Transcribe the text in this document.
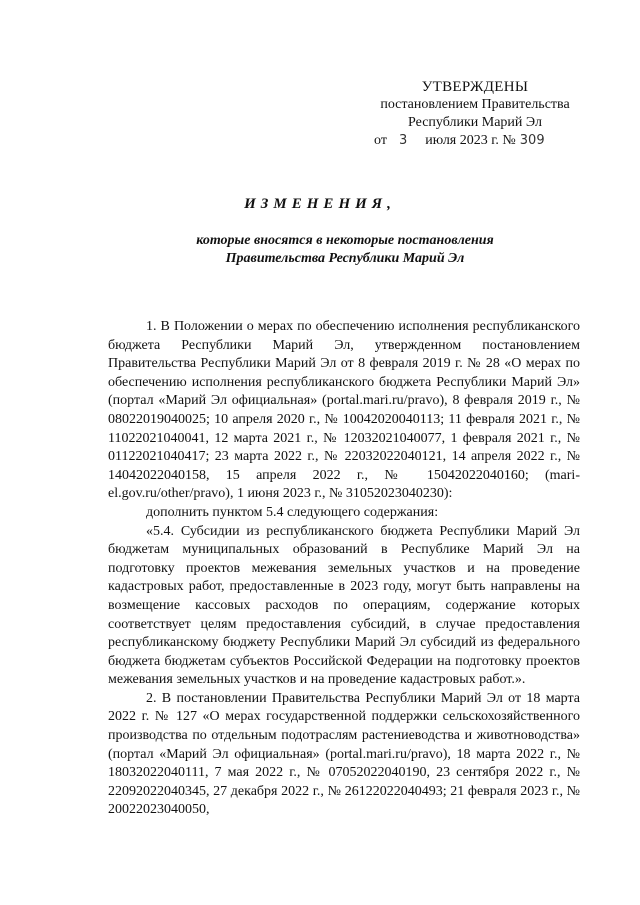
УТВЕРЖДЕНЫ
постановлением Правительства
Республики Марий Эл
от 3 июля 2023 г. № 309
ИЗМЕНЕНИЯ,
которые вносятся в некоторые постановления
Правительства Республики Марий Эл

1. В Положении о мерах по обеспечению исполнения республиканского бюджета Республики Марий Эл, утвержденном постановлением Правительства Республики Марий Эл от 8 февраля 2019 г. № 28 «О мерах по обеспечению исполнения республиканского бюджета Республики Марий Эл» (портал «Марий Эл официальная» (portal.mari.ru/pravo), 8 февраля 2019 г., № 08022019040025; 10 апреля 2020 г., № 10042020040113; 11 февраля 2021 г., № 11022021040041, 12 марта 2021 г., № 12032021040077, 1 февраля 2021 г., № 01122021040417; 23 марта 2022 г., № 22032022040121, 14 апреля 2022 г., № 14042022040158, 15 апреля 2022 г., № 15042022040160; (mari-el.gov.ru/other/pravo), 1 июня 2023 г., № 31052023040230):

дополнить пунктом 5.4 следующего содержания:

«5.4. Субсидии из республиканского бюджета Республики Марий Эл бюджетам муниципальных образований в Республике Марий Эл на подготовку проектов межевания земельных участков и на проведение кадастровых работ, предоставленные в 2023 году, могут быть направлены на возмещение кассовых расходов по операциям, содержание которых соответствует целям предоставления субсидий, в случае предоставления республиканскому бюджету Республики Марий Эл субсидий из федерального бюджета бюджетам субъектов Российской Федерации на подготовку проектов межевания земельных участков и на проведение кадастровых работ.».

2. В постановлении Правительства Республики Марий Эл от 18 марта 2022 г. № 127 «О мерах государственной поддержки сельскохозяйственного производства по отдельным подотраслям растениеводства и животноводства» (портал «Марий Эл официальная» (portal.mari.ru/pravo), 18 марта 2022 г., № 18032022040111, 7 мая 2022 г., № 07052022040190, 23 сентября 2022 г., № 22092022040345, 27 декабря 2022 г., № 26122022040493; 21 февраля 2023 г., № 20022023040050,
